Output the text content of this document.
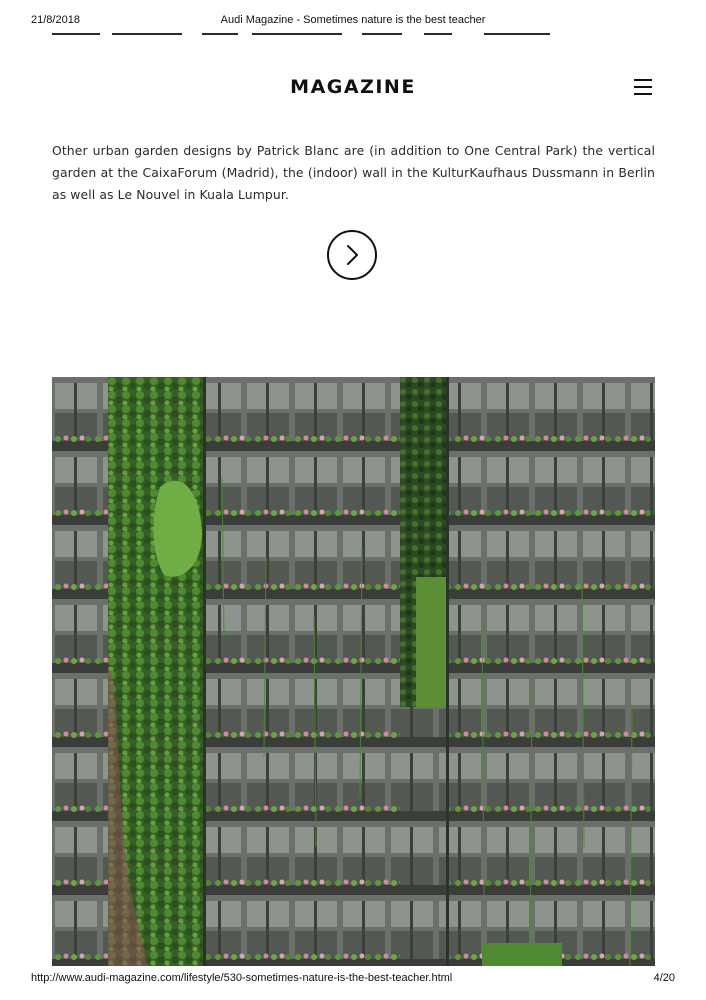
21/8/2018	Audi Magazine - Sometimes nature is the best teacher
MAGAZINE

Other urban garden designs by Patrick Blanc are (in addition to One Central Park) the vertical garden at the CaixaForum (Madrid), the (indoor) wall in the KulturKaufhaus Dussmann in Berlin as well as Le Nouvel in Kuala Lumpur.

http://www.audi-magazine.com/lifestyle/530-sometimes-nature-is-the-best-teacher.html	4/20
